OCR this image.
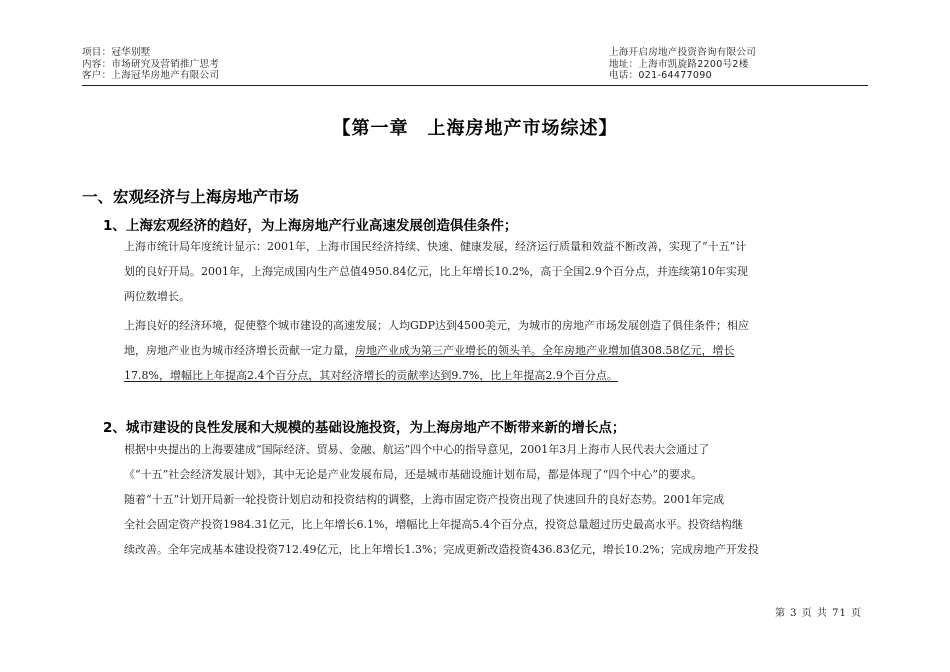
项目：冠华别墅
内容：市场研究及营销推广思考
客户：上海冠华房地产有限公司
上海开启房地产投资咨询有限公司
地址：上海市凯旋路2200号2楼
电话：021-64477090
【第一章　上海房地产市场综述】
一、宏观经济与上海房地产市场
1、上海宏观经济的趋好，为上海房地产行业高速发展创造俱佳条件；
上海市统计局年度统计显示：2001年，上海市国民经济持续、快速、健康发展，经济运行质量和效益不断改善，实现了“十五”计
划的良好开局。2001年，上海完成国内生产总值4950.84亿元，比上年增长10.2%，高于全国2.9个百分点，并连续第10年实现
两位数增长。
上海良好的经济环境，促使整个城市建设的高速发展；人均GDP达到4500美元，为城市的房地产市场发展创造了俱佳条件；相应
地，房地产业也为城市经济增长贡献一定力量，房地产业成为第三产业增长的领头羊。全年房地产业增加值308.58亿元，增长
17.8%，增幅比上年提高2.4个百分点，其对经济增长的贡献率达到9.7%，比上年提高2.9个百分点。
2、城市建设的良性发展和大规模的基础设施投资，为上海房地产不断带来新的增长点；
根据中央提出的上海要建成“国际经济、贸易、金融、航运”四个中心的指导意见，2001年3月上海市人民代表大会通过了
《“十五”社会经济发展计划》，其中无论是产业发展布局，还是城市基础设施计划布局，都是体现了“四个中心”的要求。
随着“十五”计划开局新一轮投资计划启动和投资结构的调整，上海市固定资产投资出现了快速回升的良好态势。2001年完成
全社会固定资产投资1984.31亿元，比上年增长6.1%，增幅比上年提高5.4个百分点，投资总量超过历史最高水平。投资结构继
续改善。全年完成基本建设投资712.49亿元，比上年增长1.3%；完成更新改造投资436.83亿元，增长10.2%；完成房地产开发投
第 3 页 共 71 页
